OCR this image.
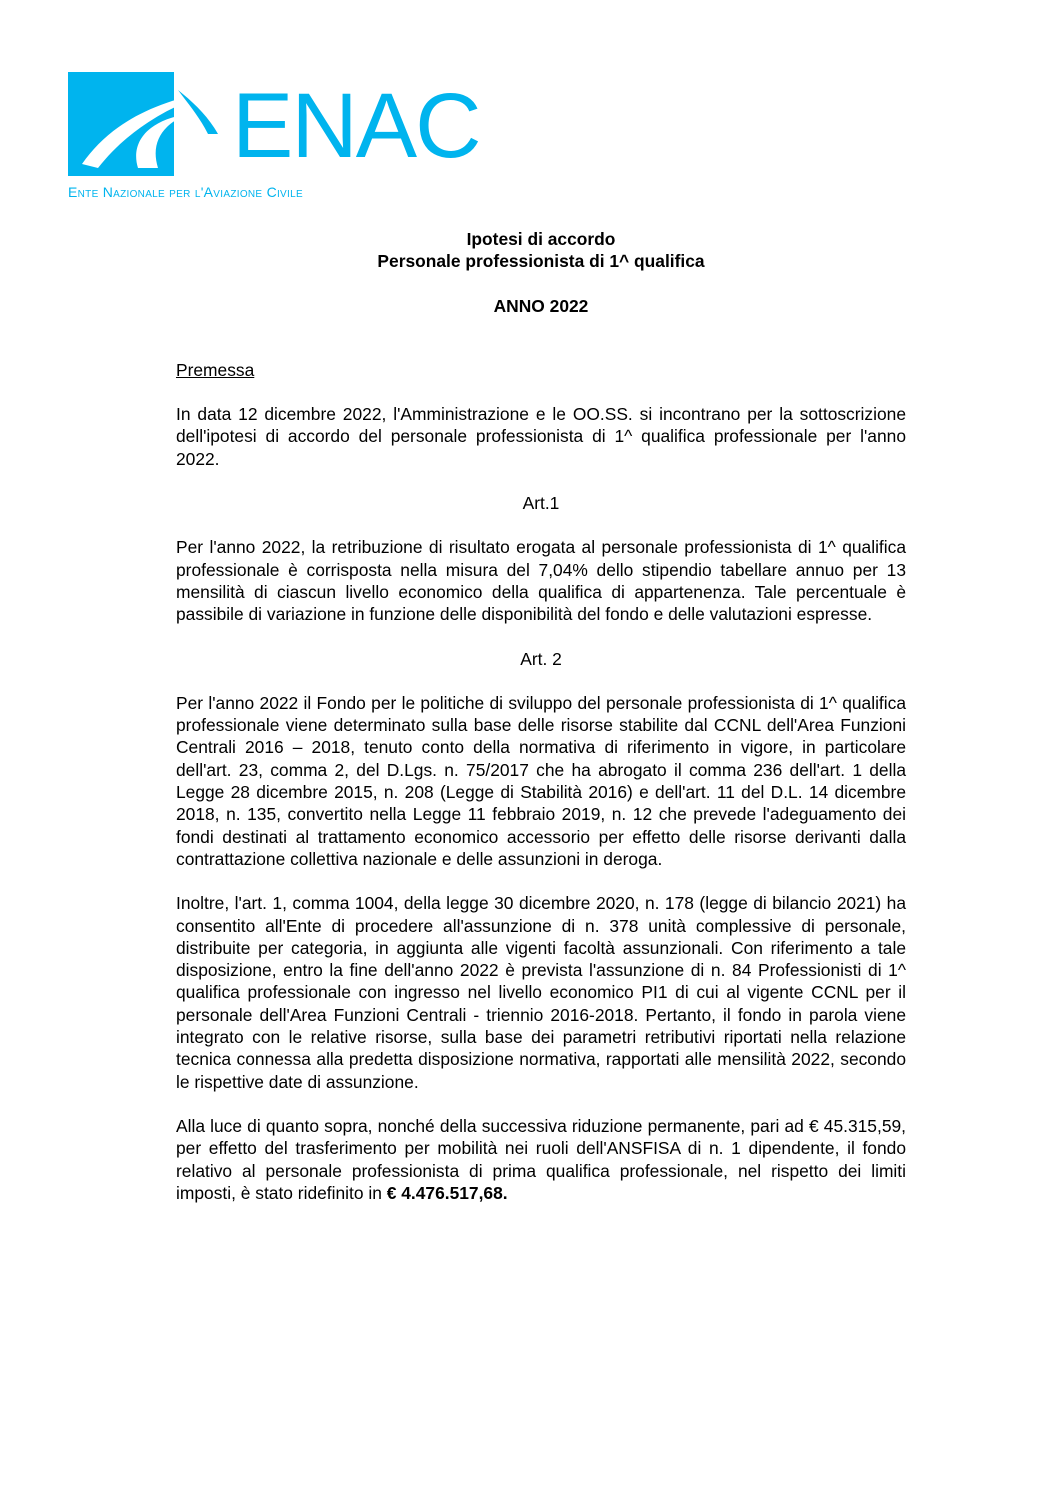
ENAC
Ente Nazionale per l'Aviazione Civile
Ipotesi di accordo
Personale professionista di 1^ qualifica
ANNO 2022
Premessa

In data 12 dicembre 2022, l'Amministrazione e le OO.SS. si incontrano per la sottoscrizione dell'ipotesi di accordo del personale professionista di 1^ qualifica professionale per l'anno 2022.

Art.1

Per l'anno 2022, la retribuzione di risultato erogata al personale professionista di 1^ qualifica professionale è corrisposta nella misura del 7,04% dello stipendio tabellare annuo per 13 mensilità di ciascun livello economico della qualifica di appartenenza. Tale percentuale è passibile di variazione in funzione delle disponibilità del fondo e delle valutazioni espresse.

Art. 2

Per l'anno 2022 il Fondo per le politiche di sviluppo del personale professionista di 1^ qualifica professionale viene determinato sulla base delle risorse stabilite dal CCNL dell'Area Funzioni Centrali 2016 – 2018, tenuto conto della normativa di riferimento in vigore, in particolare dell'art. 23, comma 2, del D.Lgs. n. 75/2017 che ha abrogato il comma 236 dell'art. 1 della Legge 28 dicembre 2015, n. 208 (Legge di Stabilità 2016) e dell'art. 11 del D.L. 14 dicembre 2018, n. 135, convertito nella Legge 11 febbraio 2019, n. 12 che prevede l'adeguamento dei fondi destinati al trattamento economico accessorio per effetto delle risorse derivanti dalla contrattazione collettiva nazionale e delle assunzioni in deroga.

Inoltre, l'art. 1, comma 1004, della legge 30 dicembre 2020, n. 178 (legge di bilancio 2021) ha consentito all'Ente di procedere all'assunzione di n. 378 unità complessive di personale, distribuite per categoria, in aggiunta alle vigenti facoltà assunzionali. Con riferimento a tale disposizione, entro la fine dell'anno 2022 è prevista l'assunzione di n. 84 Professionisti di 1^ qualifica professionale con ingresso nel livello economico PI1 di cui al vigente CCNL per il personale dell'Area Funzioni Centrali - triennio 2016-2018. Pertanto, il fondo in parola viene integrato con le relative risorse, sulla base dei parametri retributivi riportati nella relazione tecnica connessa alla predetta disposizione normativa, rapportati alle mensilità 2022, secondo le rispettive date di assunzione.

Alla luce di quanto sopra, nonché della successiva riduzione permanente, pari ad € 45.315,59, per effetto del trasferimento per mobilità nei ruoli dell'ANSFISA di n. 1 dipendente, il fondo relativo al personale professionista di prima qualifica professionale, nel rispetto dei limiti imposti, è stato ridefinito in € 4.476.517,68.
